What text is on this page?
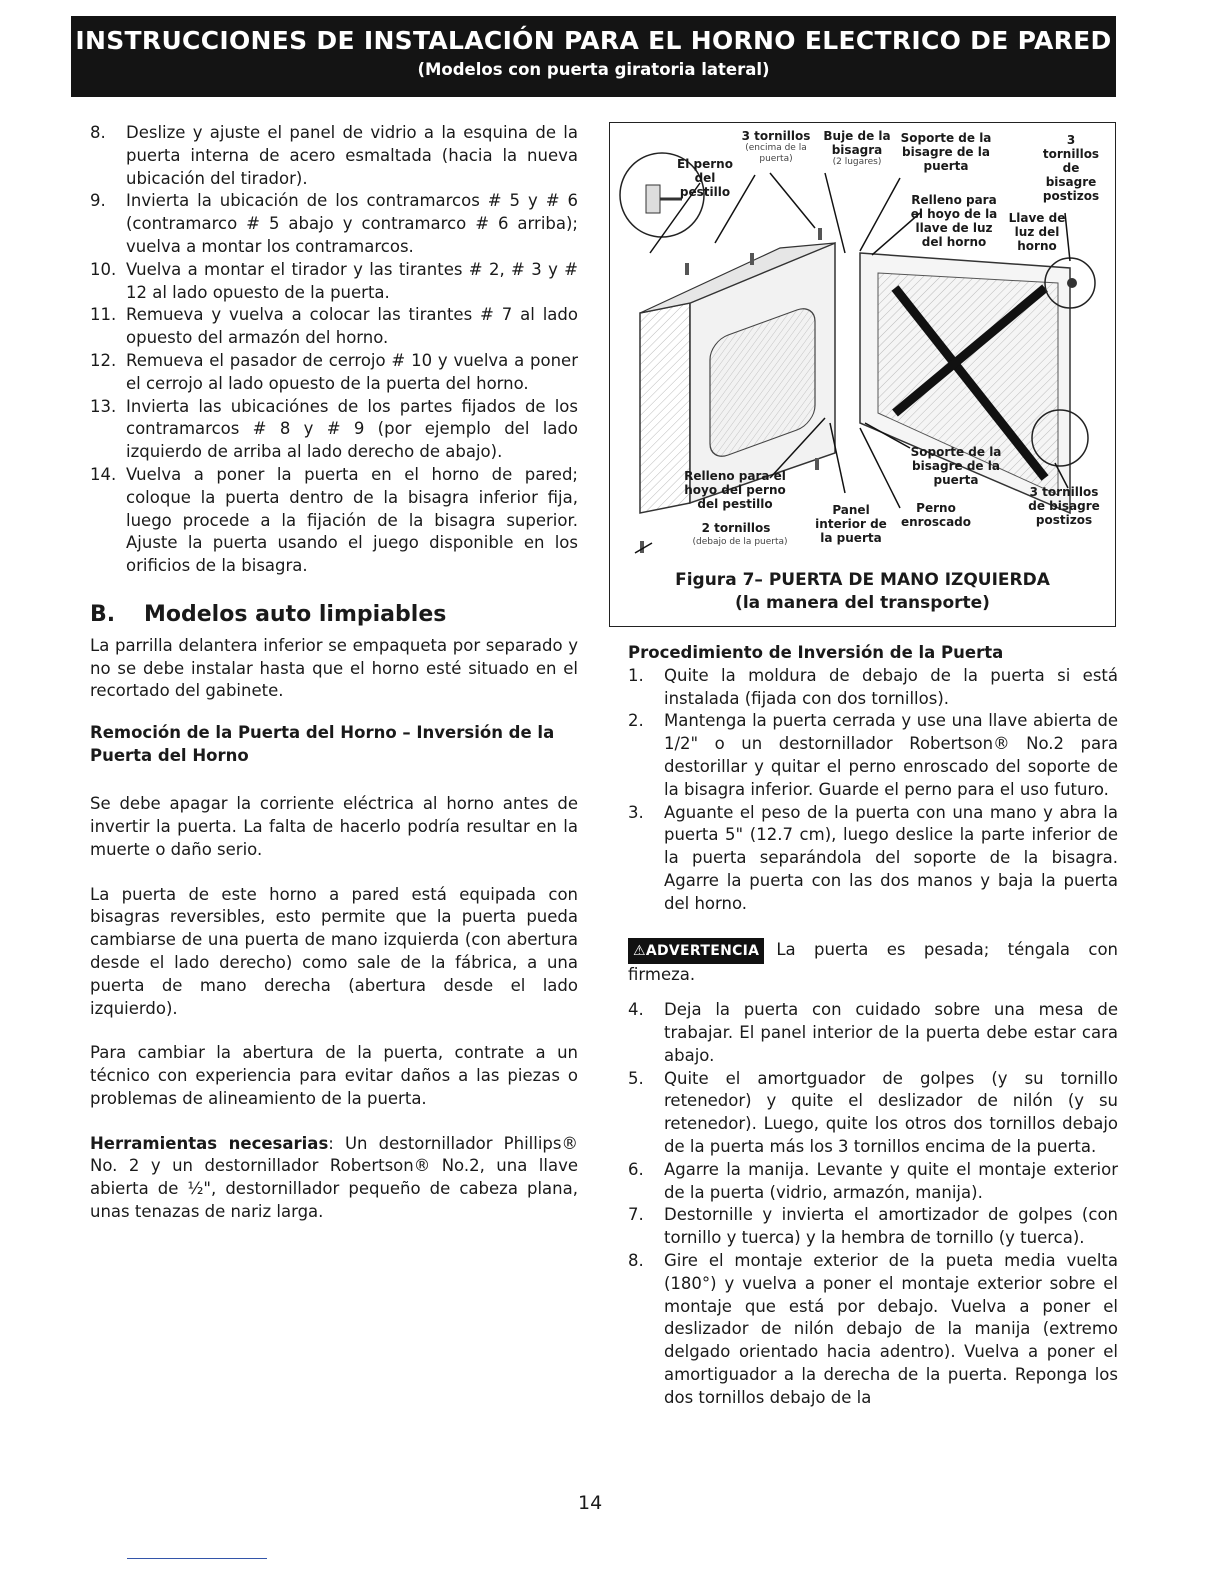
INSTRUCCIONES DE INSTALACIÓN PARA EL HORNO ELECTRICO DE PARED
(Modelos con puerta giratoria lateral)
8. Deslize y ajuste el panel de vidrio a la esquina de la puerta interna de acero esmaltada (hacia la nueva ubicación del tirador).
9. Invierta la ubicación de los contramarcos # 5 y # 6 (contramarco # 5 abajo y contramarco # 6 arriba); vuelva a montar los contramarcos.
10. Vuelva a montar el tirador y las tirantes # 2, # 3 y # 12 al lado opuesto de la puerta.
11. Remueva y vuelva a colocar las tirantes # 7 al lado opuesto del armazón del horno.
12. Remueva el pasador de cerrojo # 10 y vuelva a poner el cerrojo al lado opuesto de la puerta del horno.
13. Invierta las ubicaciónes de los partes fijados de los contramarcos # 8 y # 9 (por ejemplo del lado izquierdo de arriba al lado derecho de abajo).
14. Vuelva a poner la puerta en el horno de pared; coloque la puerta dentro de la bisagra inferior fija, luego procede a la fijación de la bisagra superior. Ajuste la puerta usando el juego disponible en los orificios de la bisagra.
B. Modelos auto limpiables

La parrilla delantera inferior se empaqueta por separado y no se debe instalar hasta que el horno esté situado en el recortado del gabinete.

Remoción de la Puerta del Horno – Inversión de la Puerta del Horno

Se debe apagar la corriente eléctrica al horno antes de invertir la puerta. La falta de hacerlo podría resultar en la muerte o daño serio.

La puerta de este horno a pared está equipada con bisagras reversibles, esto permite que la puerta pueda cambiarse de una puerta de mano izquierda (con abertura desde el lado derecho) como sale de la fábrica, a una puerta de mano derecha (abertura desde el lado izquierdo).

Para cambiar la abertura de la puerta, contrate a un técnico con experiencia para evitar daños a las piezas o problemas de alineamiento de la puerta.

Herramientas necesarias: Un destornillador Phillips® No. 2 y un destornillador Robertson® No.2, una llave abierta de ½", destornillador pequeño de cabeza plana, unas tenazas de nariz larga.

3 tornillos
(encima de la puerta)
Buje de la bisagra
(2 lugares)
Soporte de la bisagre de la puerta
3 tornillos de bisagre postizos
El perno del pestillo
Relleno para el hoyo de la llave de luz del horno
Llave de luz del horno
Relleno para el hoyo del perno del pestillo
2 tornillos
(debajo de la puerta)
Panel interior de la puerta
Soporte de la bisagre de la puerta
Perno enroscado
3 tornillos de bisagre postizos
Figura 7– PUERTA DE MANO IZQUIERDA
(la manera del transporte)
Procedimiento de Inversión de la Puerta
1. Quite la moldura de debajo de la puerta si está instalada (fijada con dos tornillos).
2. Mantenga la puerta cerrada y use una llave abierta de 1/2" o un destornillador Robertson® No.2 para destorillar y quitar el perno enroscado del soporte de la bisagra inferior. Guarde el perno para el uso futuro.
3. Aguante el peso de la puerta con una mano y abra la puerta 5" (12.7 cm), luego deslice la parte inferior de la puerta separándola del soporte de la bisagra. Agarre la puerta con las dos manos y baja la puerta del horno.

⚠ADVERTENCIA La puerta es pesada; téngala con firmeza.

4. Deja la puerta con cuidado sobre una mesa de trabajar. El panel interior de la puerta debe estar cara abajo.
5. Quite el amortguador de golpes (y su tornillo retenedor) y quite el deslizador de nilón (y su retenedor). Luego, quite los otros dos tornillos debajo de la puerta más los 3 tornillos encima de la puerta.
6. Agarre la manija. Levante y quite el montaje exterior de la puerta (vidrio, armazón, manija).
7. Destornille y invierta el amortizador de golpes (con tornillo y tuerca) y la hembra de tornillo (y tuerca).
8. Gire el montaje exterior de la pueta media vuelta (180°) y vuelva a poner el montaje exterior sobre el montaje que está por debajo. Vuelva a poner el deslizador de nilón debajo de la manija (extremo delgado orientado hacia adentro). Vuelva a poner el amortiguador a la derecha de la puerta. Reponga los dos tornillos debajo de la
14
